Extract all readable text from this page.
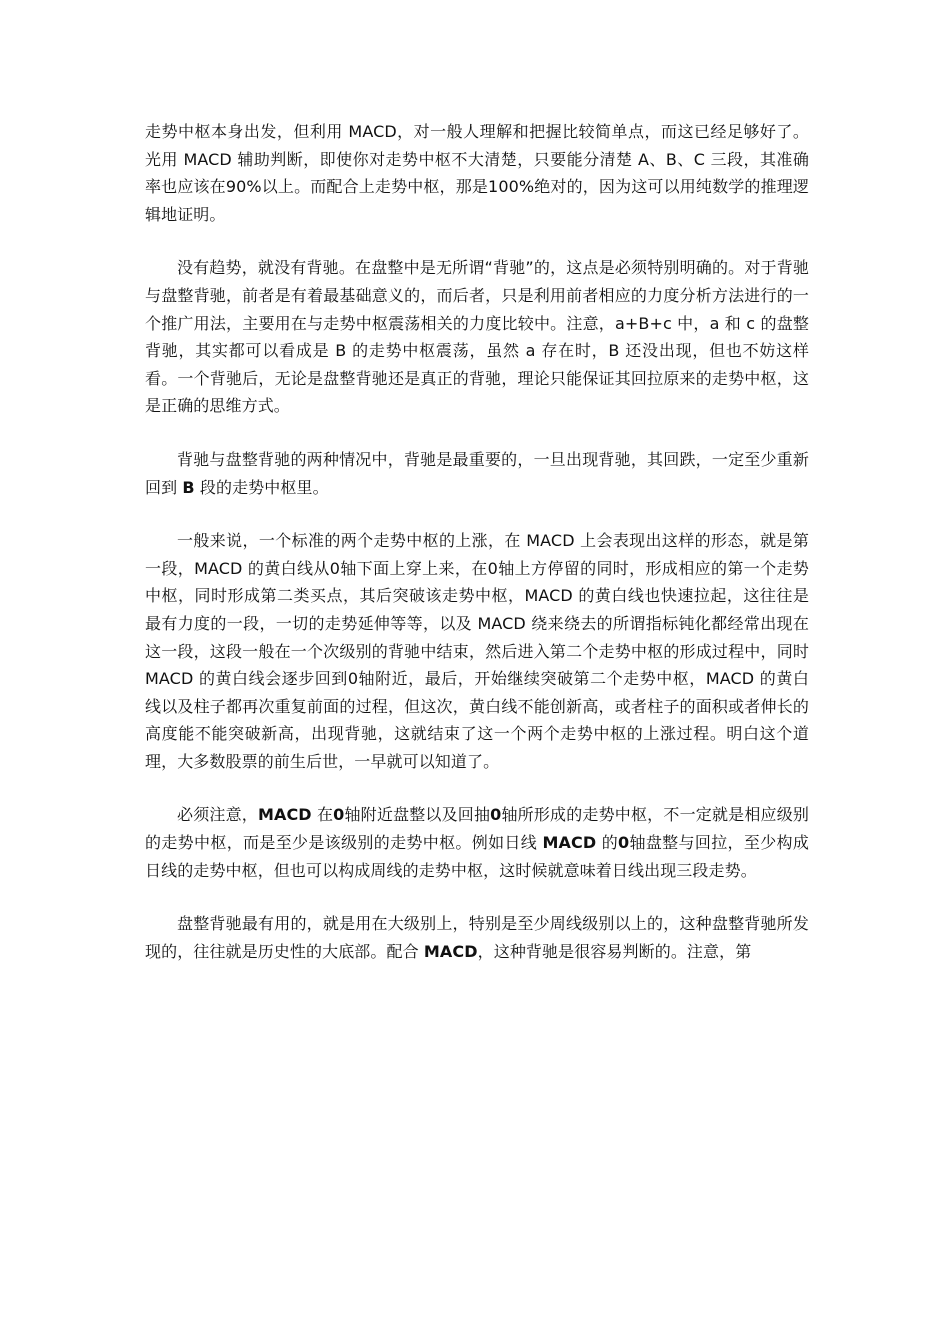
走势中枢本身出发，但利用 MACD，对一般人理解和把握比较简单点，而这已经足够好了。光用 MACD 辅助判断，即使你对走势中枢不大清楚，只要能分清楚 A、B、C 三段，其准确率也应该在90%以上。而配合上走势中枢，那是100%绝对的，因为这可以用纯数学的推理逻辑地证明。

没有趋势，就没有背驰。在盘整中是无所谓“背驰”的，这点是必须特别明确的。对于背驰与盘整背驰，前者是有着最基础意义的，而后者，只是利用前者相应的力度分析方法进行的一个推广用法，主要用在与走势中枢震荡相关的力度比较中。注意，a+B+c 中，a 和 c 的盘整背驰，其实都可以看成是 B 的走势中枢震荡，虽然 a 存在时，B 还没出现，但也不妨这样看。一个背驰后，无论是盘整背驰还是真正的背驰，理论只能保证其回拉原来的走势中枢，这是正确的思维方式。

背驰与盘整背驰的两种情况中，背驰是最重要的，一旦出现背驰，其回跌，一定至少重新回到 B 段的走势中枢里。

一般来说，一个标准的两个走势中枢的上涨，在 MACD 上会表现出这样的形态，就是第一段，MACD 的黄白线从0轴下面上穿上来，在0轴上方停留的同时，形成相应的第一个走势中枢，同时形成第二类买点，其后突破该走势中枢，MACD 的黄白线也快速拉起，这往往是最有力度的一段，一切的走势延伸等等，以及 MACD 绕来绕去的所谓指标钝化都经常出现在这一段，这段一般在一个次级别的背驰中结束，然后进入第二个走势中枢的形成过程中，同时 MACD 的黄白线会逐步回到0轴附近，最后，开始继续突破第二个走势中枢，MACD 的黄白线以及柱子都再次重复前面的过程，但这次，黄白线不能创新高，或者柱子的面积或者伸长的高度能不能突破新高，出现背驰，这就结束了这一个两个走势中枢的上涨过程。明白这个道理，大多数股票的前生后世，一早就可以知道了。

必须注意，MACD 在0轴附近盘整以及回抽0轴所形成的走势中枢，不一定就是相应级别的走势中枢，而是至少是该级别的走势中枢。例如日线 MACD 的0轴盘整与回拉，至少构成日线的走势中枢，但也可以构成周线的走势中枢，这时候就意味着日线出现三段走势。

盘整背驰最有用的，就是用在大级别上，特别是至少周线级别以上的，这种盘整背驰所发现的，往往就是历史性的大底部。配合 MACD，这种背驰是很容易判断的。注意，第
